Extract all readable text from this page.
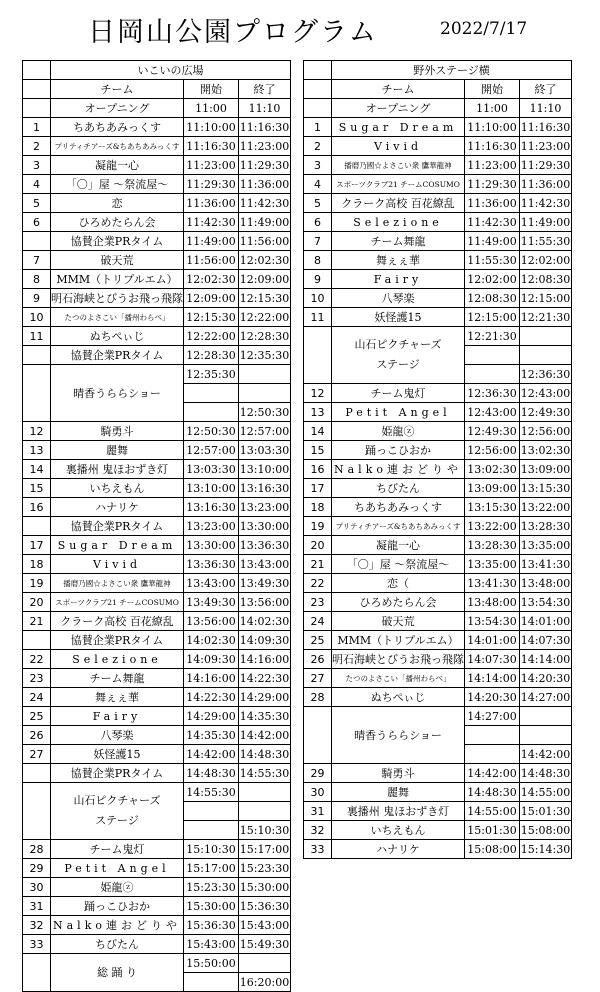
日岡山公園プログラム	2022/7/17
	いこいの広場		
	チーム	開始	終了
	オープニング	11:00	11:10
1	ちあちあみっくす	11:10:00	11:16:30
2	プリティチアーズ&ちあちあみっくす	11:16:30	11:23:00
3	凝龍一心	11:23:00	11:29:30
4	「〇」屋 〜祭流屋〜	11:29:30	11:36:00
5	恋	11:36:00	11:42:30
6	ひろめたらん会	11:42:30	11:49:00
	協賛企業PRタイム	11:49:00	11:56:00
7	破天荒	11:56:00	12:02:30
8	MMM（トリプルエム）	12:02:30	12:09:00
9	明石海峡とびうお飛っ飛隊	12:09:00	12:15:30
10	たつのよさこい「播州わらべ」	12:15:30	12:22:00
11	ぬちぺぃじ	12:22:00	12:28:30
	協賛企業PRタイム	12:28:30	12:35:30
	晴香うららショー	12:35:30	

			12:50:30
12	騎勇斗	12:50:30	12:57:00
13	麗舞	12:57:00	13:03:30
14	裏播州 鬼ほおずき灯	13:03:30	13:10:00
15	いちえもん	13:10:00	13:16:30
16	ハナリケ	13:16:30	13:23:00
	協賛企業PRタイム	13:23:00	13:30:00
17	Sugar Dream	13:30:00	13:36:30
18	Vivid	13:36:30	13:43:00
19	播磨乃國☆よさこい衆 鷹華龍神	13:43:00	13:49:30
20	スポーツクラブ21 チームCOSUMO	13:49:30	13:56:00
21	クラーク高校 百花繚乱	13:56:00	14:02:30
	協賛企業PRタイム	14:02:30	14:09:30
22	Selezione	14:09:30	14:16:00
23	チーム舞龍	14:16:00	14:22:30
24	舞ぇぇ華	14:22:30	14:29:00
25	Fairy	14:29:00	14:35:30
26	八琴楽	14:35:30	14:42:00
27	妖怪護15	14:42:00	14:48:30
	協賛企業PRタイム	14:48:30	14:55:30
	山石ピクチャーズ
ステージ	14:55:30	

			15:10:30
28	チーム鬼灯	15:10:30	15:17:00
29	Petit Angel	15:17:00	15:23:30
30	姫龍ⓩ	15:23:30	15:30:00
31	踊っこひおか	15:30:00	15:36:30
32	Nalko連おどりや	15:36:30	15:43:00
33	ちびたん	15:43:00	15:49:30
	総 踊 り	15:50:00	
			16:20:00
	野外ステージ横		
	チーム	開始	終了
	オープニング	11:00	11:10
1	Sugar Dream	11:10:00	11:16:30
2	Vivid	11:16:30	11:23:00
3	播磨乃國☆よさこい衆 鷹華龍神	11:23:00	11:29:30
4	スポーツクラブ21 チームCOSUMO	11:29:30	11:36:00
5	クラーク高校 百花繚乱	11:36:00	11:42:30
6	Selezione	11:42:30	11:49:00
7	チーム舞龍	11:49:00	11:55:30
8	舞ぇぇ華	11:55:30	12:02:00
9	Fairy	12:02:00	12:08:30
10	八琴楽	12:08:30	12:15:00
11	妖怪護15	12:15:00	12:21:30
	山石ピクチャーズ
ステージ	12:21:30	

			12:36:30
12	チーム鬼灯	12:36:30	12:43:00
13	Petit Angel	12:43:00	12:49:30
14	姫龍ⓩ	12:49:30	12:56:00
15	踊っこひおか	12:56:00	13:02:30
16	Nalko連おどりや	13:02:30	13:09:00
17	ちびたん	13:09:00	13:15:30
18	ちあちあみっくす	13:15:30	13:22:00
19	プリティチアーズ&ちあちあみっくす	13:22:00	13:28:30
20	凝龍一心	13:28:30	13:35:00
21	「〇」屋 〜祭流屋〜	13:35:00	13:41:30
22	恋（	13:41:30	13:48:00
23	ひろめたらん会	13:48:00	13:54:30
24	破天荒	13:54:30	14:01:00
25	MMM（トリプルエム）	14:01:00	14:07:30
26	明石海峡とびうお飛っ飛隊	14:07:30	14:14:00
27	たつのよさこい「播州わらべ」	14:14:00	14:20:30
28	ぬちぺぃじ	14:20:30	14:27:00
	晴香うららショー	14:27:00	

			14:42:00
29	騎勇斗	14:42:00	14:48:30
30	麗舞	14:48:30	14:55:00
31	裏播州 鬼ほおずき灯	14:55:00	15:01:30
32	いちえもん	15:01:30	15:08:00
33	ハナリケ	15:08:00	15:14:30
